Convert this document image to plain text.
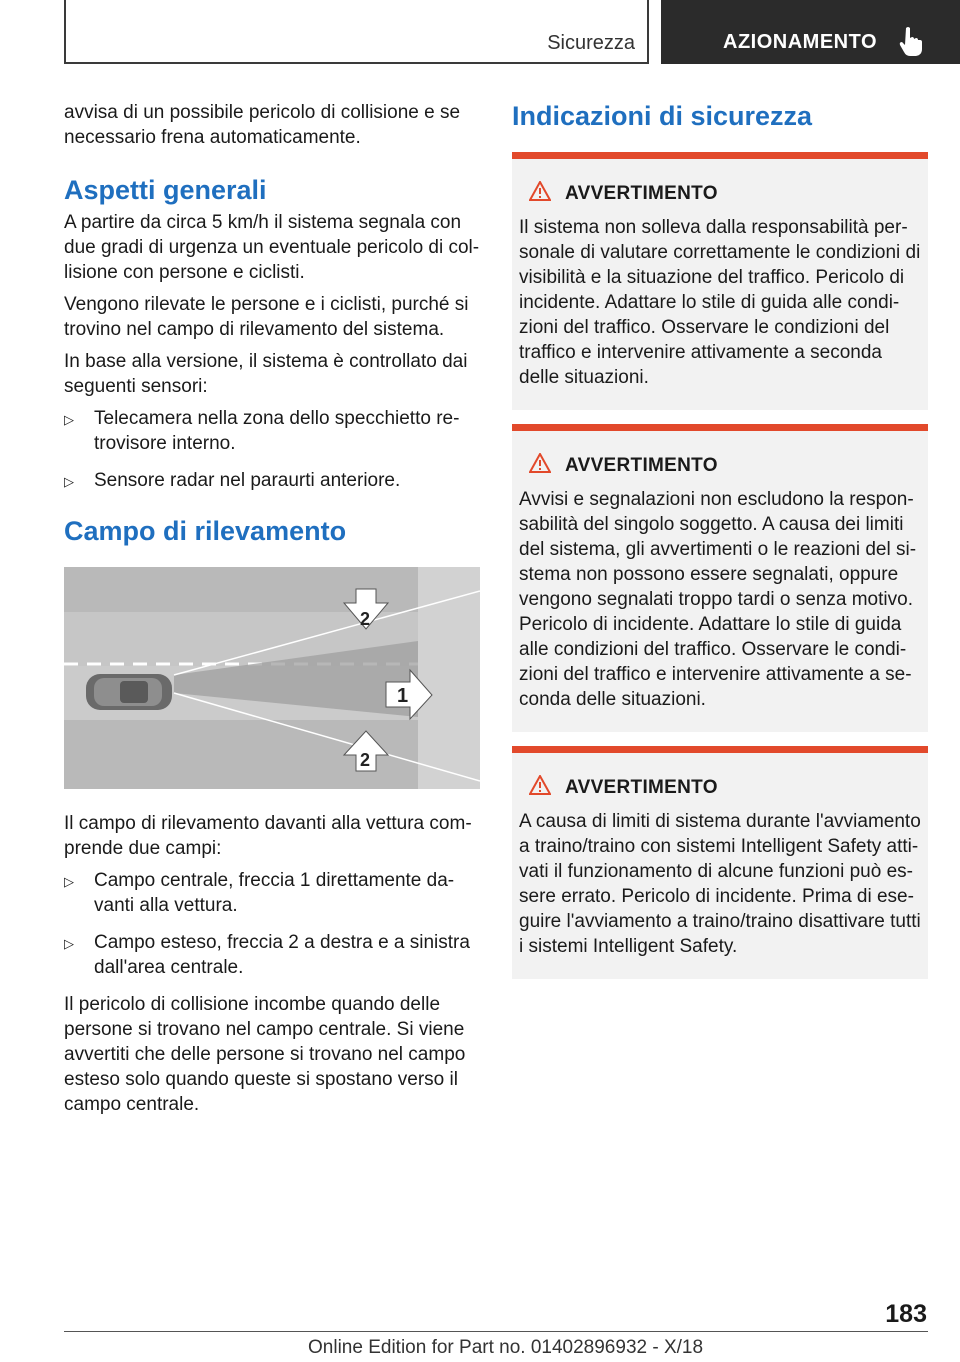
Sicurezza	AZIONAMENTO

avvisa di un possibile pericolo di collisione e se necessario frena automaticamente.

Aspetti generali

A partire da circa 5 km/h il sistema segnala con due gradi di urgenza un eventuale pericolo di collisione con persone e ciclisti.

Vengono rilevate le persone e i ciclisti, purché si trovino nel campo di rilevamento del sistema.

In base alla versione, il sistema è controllato dai seguenti sensori:

▷ Telecamera nella zona dello specchietto retrovisore interno.
▷ Sensore radar nel paraurti anteriore.
Campo di rilevamento
1
2
2

Il campo di rilevamento davanti alla vettura comprende due campi:

▷ Campo centrale, freccia 1 direttamente davanti alla vettura.
▷ Campo esteso, freccia 2 a destra e a sinistra dall'area centrale.

Il pericolo di collisione incombe quando delle persone si trovano nel campo centrale. Si viene avvertiti che delle persone si trovano nel campo esteso solo quando queste si spostano verso il campo centrale.

Indicazioni di sicurezza
AVVERTIMENTO

Il sistema non solleva dalla responsabilità personale di valutare correttamente le condizioni di visibilità e la situazione del traffico. Pericolo di incidente. Adattare lo stile di guida alle condizioni del traffico. Osservare le condizioni del traffico e intervenire attivamente a seconda delle situazioni.

AVVERTIMENTO

Avvisi e segnalazioni non escludono la responsabilità del singolo soggetto. A causa dei limiti del sistema, gli avvertimenti o le reazioni del sistema non possono essere segnalati, oppure vengono segnalati troppo tardi o senza motivo. Pericolo di incidente. Adattare lo stile di guida alle condizioni del traffico. Osservare le condizioni del traffico e intervenire attivamente a seconda delle situazioni.

AVVERTIMENTO

A causa di limiti di sistema durante l'avviamento a traino/traino con sistemi Intelligent Safety attivati il funzionamento di alcune funzioni può essere errato. Pericolo di incidente. Prima di eseguire l'avviamento a traino/traino disattivare tutti i sistemi Intelligent Safety.

183
Online Edition for Part no. 01402896932 - X/18
